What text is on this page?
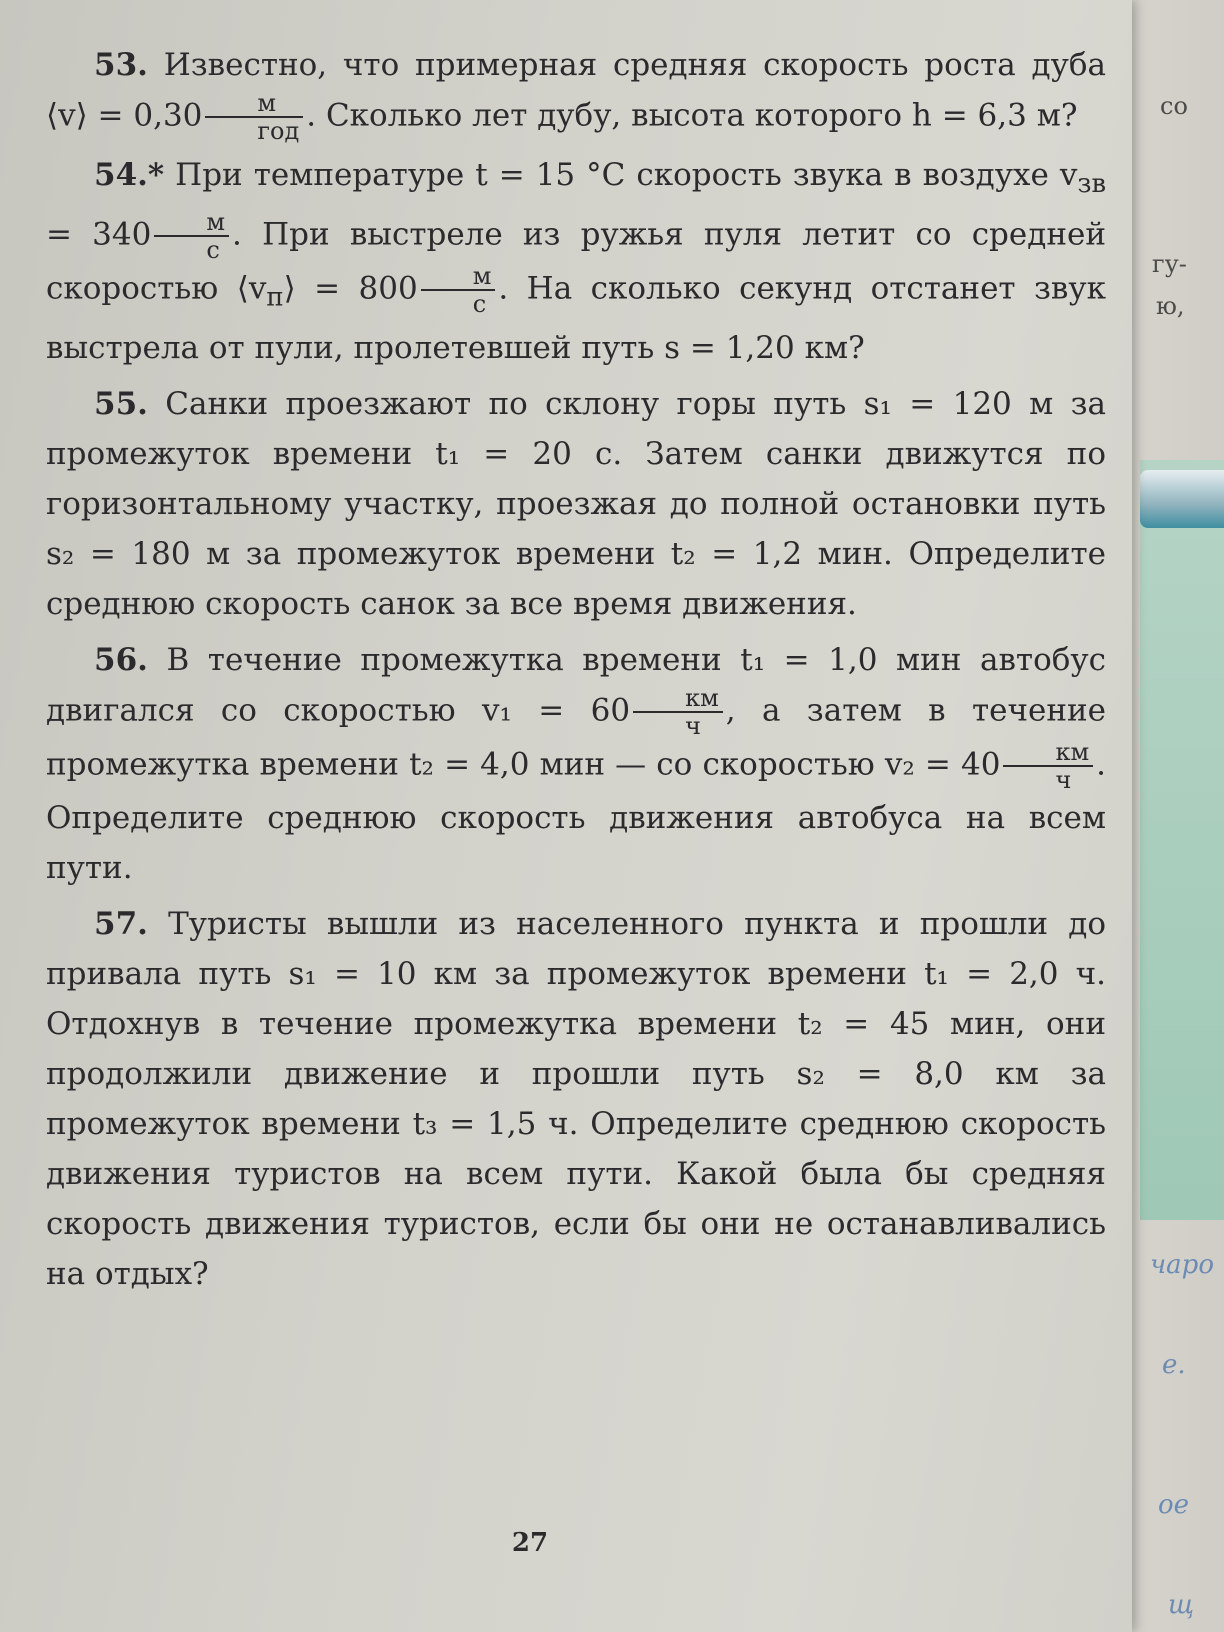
со
гу-
ю,
чаро
е.
ое
щ

53. Известно, что примерная средняя скорость роста дуба ⟨v⟩ = $0,30 \frac{м}{\text{год}}$ . Сколько лет дубу, высота которого h = 6,3 м?

54.* При температуре t = 15 °C скорость звука в воздухе $v_{зв} = 340 \frac{м}{с}$ . При выстреле из ружья пуля летит со средней скоростью $⟨v_п⟩ = 800 \frac{м}{с}$ . На сколько секунд отстанет звук выстрела от пули, пролетевшей путь s = 1,20 км?

55. Санки проезжают по склону горы путь s₁ = 120 м за промежуток времени t₁ = 20 с. Затем санки движутся по горизонтальному участку, проезжая до полной остановки путь s₂ = 180 м за промежуток времени t₂ = 1,2 мин. Определите среднюю скорость санок за все время движения.

56. В течение промежутка времени t₁ = 1,0 мин автобус двигался со скоростью $v_1 = 60 \frac{км}{ч}$ , а затем в течение промежутка времени t₂ = 4,0 мин — со скоростью $v_2 = 40 \frac{км}{ч}$ . Определите среднюю скорость движения автобуса на всем пути.

57. Туристы вышли из населенного пункта и прошли до привала путь s₁ = 10 км за промежуток времени t₁ = 2,0 ч. Отдохнув в течение промежутка времени t₂ = 45 мин, они продолжили движение и прошли путь s₂ = 8,0 км за промежуток времени t₃ = 1,5 ч. Определите среднюю скорость движения туристов на всем пути. Какой была бы средняя скорость движения туристов, если бы они не останавливались на отдых?

27
